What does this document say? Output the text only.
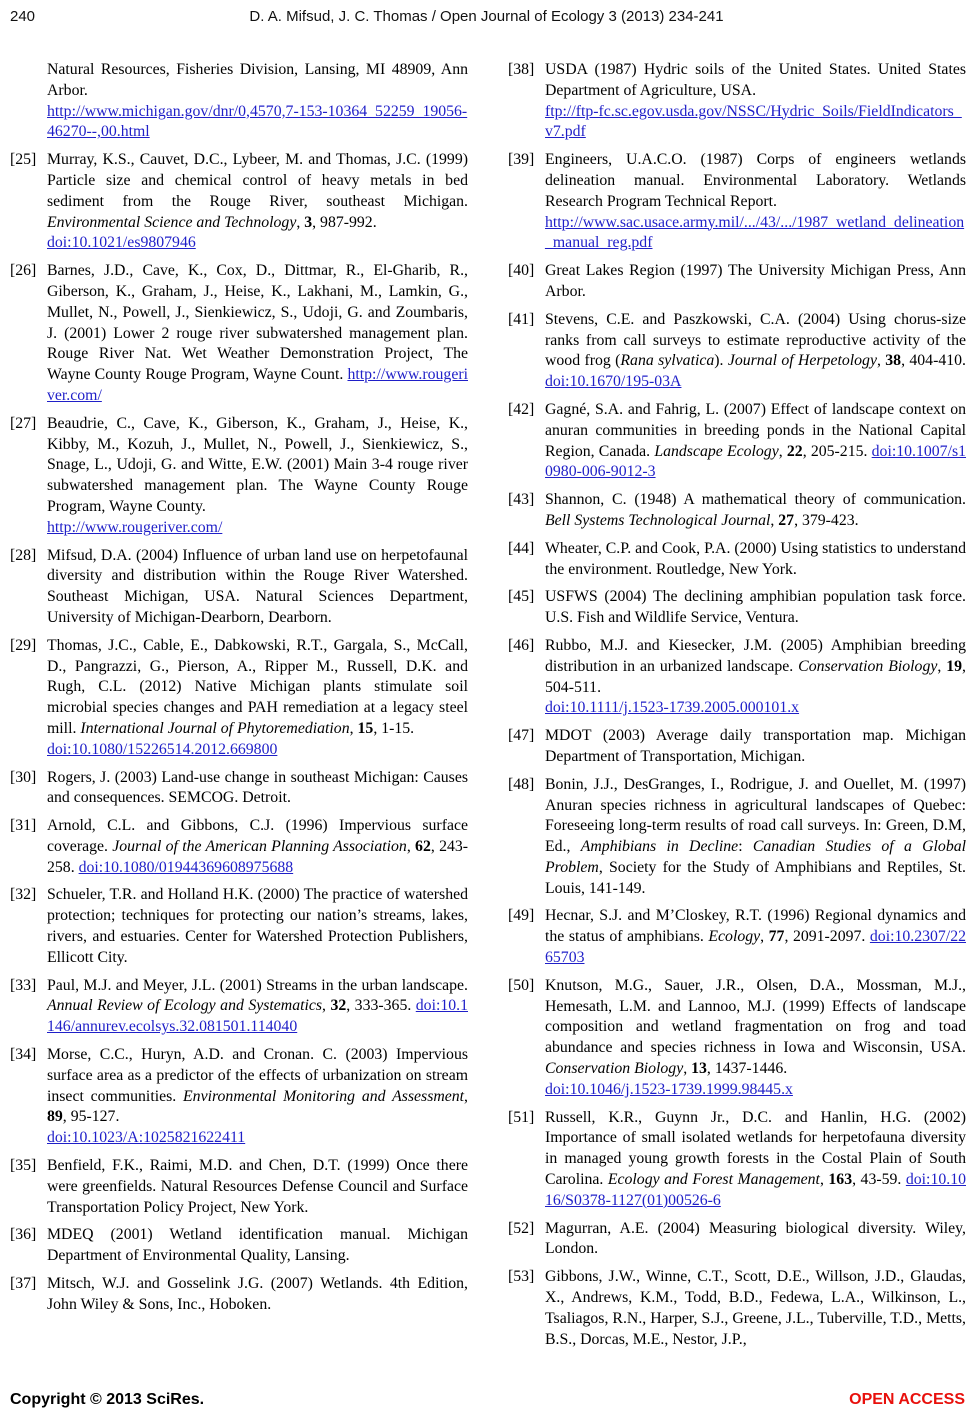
240	D. A. Mifsud, J. C. Thomas / Open Journal of Ecology 3 (2013) 234-241
Natural Resources, Fisheries Division, Lansing, MI 48909, Ann Arbor.
http://www.michigan.gov/dnr/0,4570,7-153-10364_52259_19056-46270--,00.html
[25] Murray, K.S., Cauvet, D.C., Lybeer, M. and Thomas, J.C. (1999) Particle size and chemical control of heavy metals in bed sediment from the Rouge River, southeast Michigan. Environmental Science and Technology, 3, 987-992.
doi:10.1021/es9807946
[26] Barnes, J.D., Cave, K., Cox, D., Dittmar, R., El-Gharib, R., Giberson, K., Graham, J., Heise, K., Lakhani, M., Lamkin, G., Mullet, N., Powell, J., Sienkiewicz, S., Udoji, G. and Zoumbaris, J. (2001) Lower 2 rouge river subwatershed management plan. Rouge River Nat. Wet Weather Demonstration Project, The Wayne County Rouge Program, Wayne Count. http://www.rougeriver.com/
[27] Beaudrie, C., Cave, K., Giberson, K., Graham, J., Heise, K., Kibby, M., Kozuh, J., Mullet, N., Powell, J., Sienkiewicz, S., Snage, L., Udoji, G. and Witte, E.W. (2001) Main 3-4 rouge river subwatershed management plan. The Wayne County Rouge Program, Wayne County.
http://www.rougeriver.com/
[28] Mifsud, D.A. (2004) Influence of urban land use on herpetofaunal diversity and distribution within the Rouge River Watershed. Southeast Michigan, USA. Natural Sciences Department, University of Michigan-Dearborn, Dearborn.
[29] Thomas, J.C., Cable, E., Dabkowski, R.T., Gargala, S., McCall, D., Pangrazzi, G., Pierson, A., Ripper M., Russell, D.K. and Rugh, C.L. (2012) Native Michigan plants stimulate soil microbial species changes and PAH remediation at a legacy steel mill. International Journal of Phytoremediation, 15, 1-15.
doi:10.1080/15226514.2012.669800
[30] Rogers, J. (2003) Land-use change in southeast Michigan: Causes and consequences. SEMCOG. Detroit.
[31] Arnold, C.L. and Gibbons, C.J. (1996) Impervious surface coverage. Journal of the American Planning Association, 62, 243-258. doi:10.1080/01944369608975688
[32] Schueler, T.R. and Holland H.K. (2000) The practice of watershed protection; techniques for protecting our nation’s streams, lakes, rivers, and estuaries. Center for Watershed Protection Publishers, Ellicott City.
[33] Paul, M.J. and Meyer, J.L. (2001) Streams in the urban landscape. Annual Review of Ecology and Systematics, 32, 333-365. doi:10.1146/annurev.ecolsys.32.081501.114040
[34] Morse, C.C., Huryn, A.D. and Cronan. C. (2003) Impervious surface area as a predictor of the effects of urbanization on stream insect communities. Environmental Monitoring and Assessment, 89, 95-127.
doi:10.1023/A:1025821622411
[35] Benfield, F.K., Raimi, M.D. and Chen, D.T. (1999) Once there were greenfields. Natural Resources Defense Council and Surface Transportation Policy Project, New York.
[36] MDEQ (2001) Wetland identification manual. Michigan Department of Environmental Quality, Lansing.
[37] Mitsch, W.J. and Gosselink J.G. (2007) Wetlands. 4th Edition, John Wiley & Sons, Inc., Hoboken.
[38] USDA (1987) Hydric soils of the United States. United States Department of Agriculture, USA.
ftp://ftp-fc.sc.egov.usda.gov/NSSC/Hydric_Soils/FieldIndicators_v7.pdf
[39] Engineers, U.A.C.O. (1987) Corps of engineers wetlands delineation manual. Environmental Laboratory. Wetlands Research Program Technical Report.
http://www.sac.usace.army.mil/.../43/.../1987_wetland_delineation_manual_reg.pdf
[40] Great Lakes Region (1997) The University Michigan Press, Ann Arbor.
[41] Stevens, C.E. and Paszkowski, C.A. (2004) Using chorus-size ranks from call surveys to estimate reproductive activity of the wood frog (Rana sylvatica). Journal of Herpetology, 38, 404-410. doi:10.1670/195-03A
[42] Gagné, S.A. and Fahrig, L. (2007) Effect of landscape context on anuran communities in breeding ponds in the National Capital Region, Canada. Landscape Ecology, 22, 205-215. doi:10.1007/s10980-006-9012-3
[43] Shannon, C. (1948) A mathematical theory of communication. Bell Systems Technological Journal, 27, 379-423.
[44] Wheater, C.P. and Cook, P.A. (2000) Using statistics to understand the environment. Routledge, New York.
[45] USFWS (2004) The declining amphibian population task force. U.S. Fish and Wildlife Service, Ventura.
[46] Rubbo, M.J. and Kiesecker, J.M. (2005) Amphibian breeding distribution in an urbanized landscape. Conservation Biology, 19, 504-511.
doi:10.1111/j.1523-1739.2005.000101.x
[47] MDOT (2003) Average daily transportation map. Michigan Department of Transportation, Michigan.
[48] Bonin, J.J., DesGranges, I., Rodrigue, J. and Ouellet, M. (1997) Anuran species richness in agricultural landscapes of Quebec: Foreseeing long-term results of road call surveys. In: Green, D.M, Ed., Amphibians in Decline: Canadian Studies of a Global Problem, Society for the Study of Amphibians and Reptiles, St. Louis, 141-149.
[49] Hecnar, S.J. and M’Closkey, R.T. (1996) Regional dynamics and the status of amphibians. Ecology, 77, 2091-2097. doi:10.2307/2265703
[50] Knutson, M.G., Sauer, J.R., Olsen, D.A., Mossman, M.J., Hemesath, L.M. and Lannoo, M.J. (1999) Effects of landscape composition and wetland fragmentation on frog and toad abundance and species richness in Iowa and Wisconsin, USA. Conservation Biology, 13, 1437-1446.
doi:10.1046/j.1523-1739.1999.98445.x
[51] Russell, K.R., Guynn Jr., D.C. and Hanlin, H.G. (2002) Importance of small isolated wetlands for herpetofauna diversity in managed young growth forests in the Costal Plain of South Carolina. Ecology and Forest Management, 163, 43-59. doi:10.1016/S0378-1127(01)00526-6
[52] Magurran, A.E. (2004) Measuring biological diversity. Wiley, London.
[53] Gibbons, J.W., Winne, C.T., Scott, D.E., Willson, J.D., Glaudas, X., Andrews, K.M., Todd, B.D., Fedewa, L.A., Wilkinson, L., Tsaliagos, R.N., Harper, S.J., Greene, J.L., Tuberville, T.D., Metts, B.S., Dorcas, M.E., Nestor, J.P.,
Copyright © 2013 SciRes.	OPEN ACCESS
